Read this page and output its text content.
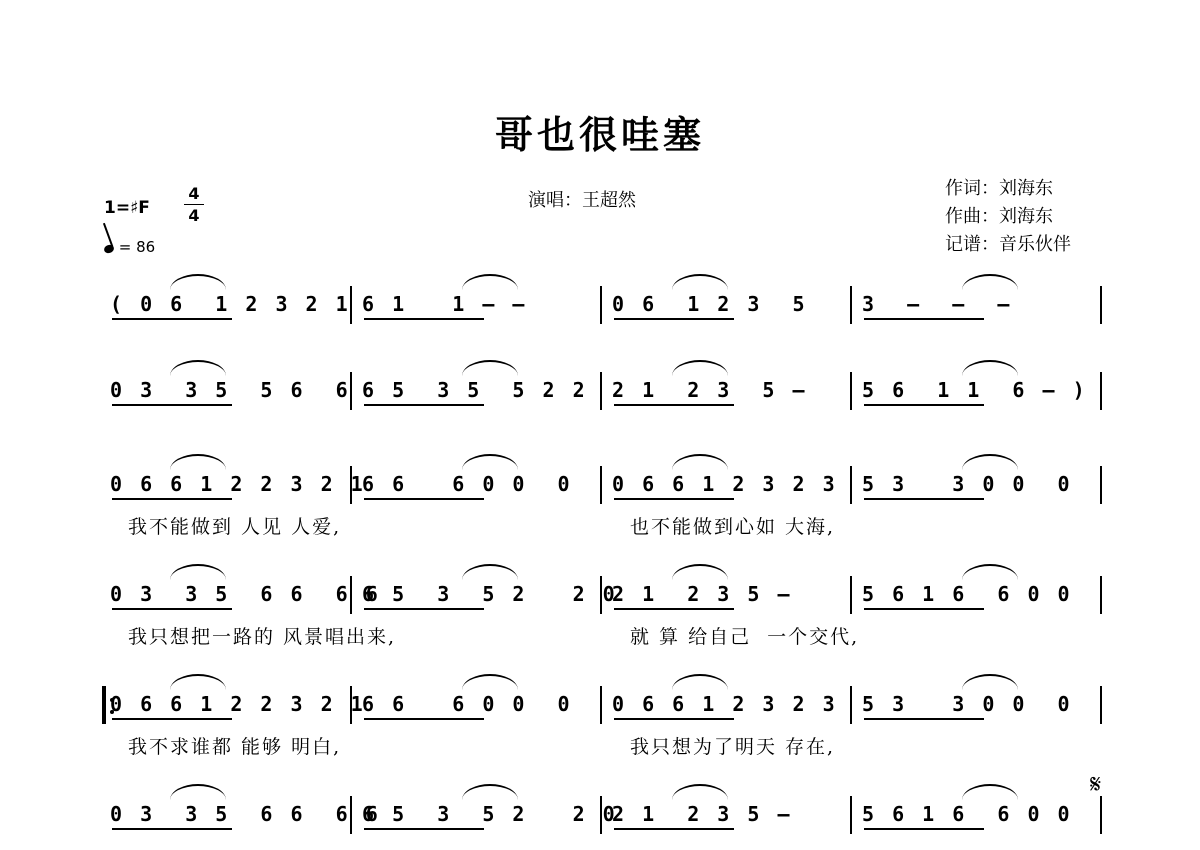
哥也很哇塞
演唱：王超然
作词：刘海东
作曲：刘海东
记谱：音乐伙伴
1=♯F
4
4
= 86
( 0 6  1 2 3 2 1 6 1   1 – –	0 6  1 2 3  5	3  –  –  –
0 3  3 5  5 6  6 6 5  3 5  5 2 2 2 1  2 3  5 –	5 6  1 1  6 – )
0 6 6 1 2 2 3 2 1
6 6   6 0 0  0 0 6 6 1 2 3 2 3 5 3   3 0 0  0
我不能做到 人见 人爱,	也不能做到心如 大海,
0 3  3 5  6 6  6 6
6 5  3  5 2   2 0
2 1  2 3 5 –	5 6 1 6  6 0 0
我只想把一路的 风景唱出来,	就 算 给自己  一个交代,
0 6 6 1 2 2 3 2 1
6 6   6 0 0  0 0 6 6 1 2 3 2 3 5 3   3 0 0  0
我不求谁都 能够 明白,	我只想为了明天 存在,
0 3  3 5  6 6  6 6
6 5  3  5 2   2 0
2 1  2 3 5 –	5 6 1 6  6 0 0
𝄋
